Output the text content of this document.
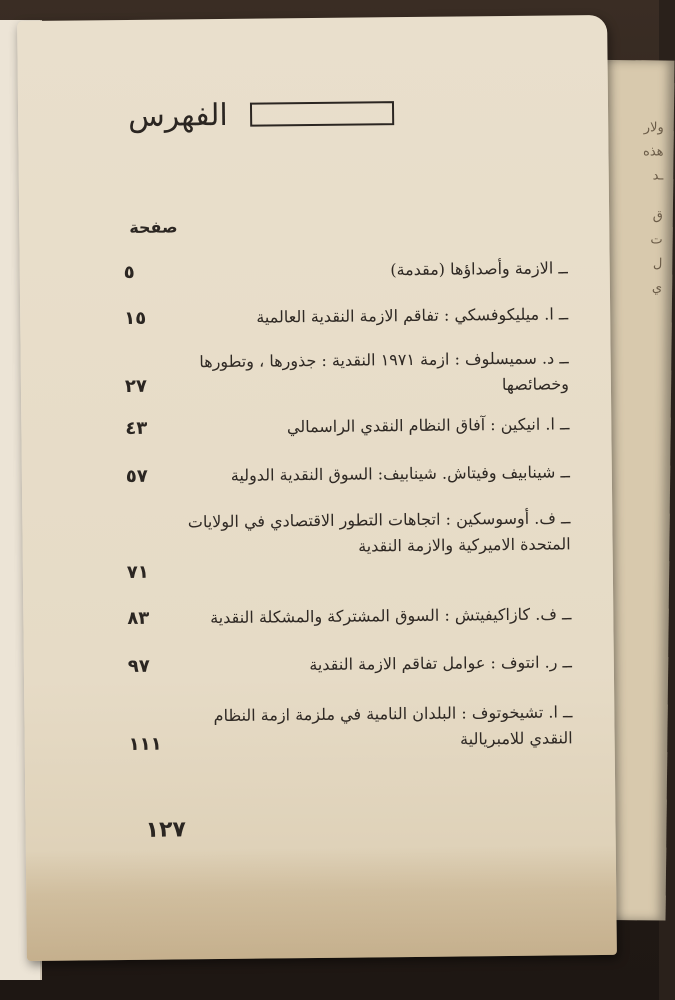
ولار
هذه
ـد
ق
ت
ل
ي
الفهرس
صفحة
ــ الازمة وأصداؤها (مقدمة)
٥
ــ ا. ميليكوفسكي : تفاقم الازمة النقدية العالمية
١٥
ــ د. سميسلوف : ازمة ١٩٧١ النقدية : جذورها ، وتطورها وخصائصها
٢٧
ــ ا. انيكين : آفاق النظام النقدي الراسمالي
٤٣
ــ شينابيف وفيتاش. شينابيف: السوق النقدية الدولية
٥٧
ــ ف. أوسوسكين : اتجاهات التطور الاقتصادي في الولايات المتحدة الاميركية والازمة النقدية
٧١
ــ ف. كازاكيفيتش : السوق المشتركة والمشكلة النقدية
٨٣
ــ ر. انتوف : عوامل تفاقم الازمة النقدية
٩٧
ــ ا. تشيخوتوف : البلدان النامية في ملزمة ازمة النظام النقدي للامبريالية
١١١
١٢٧
